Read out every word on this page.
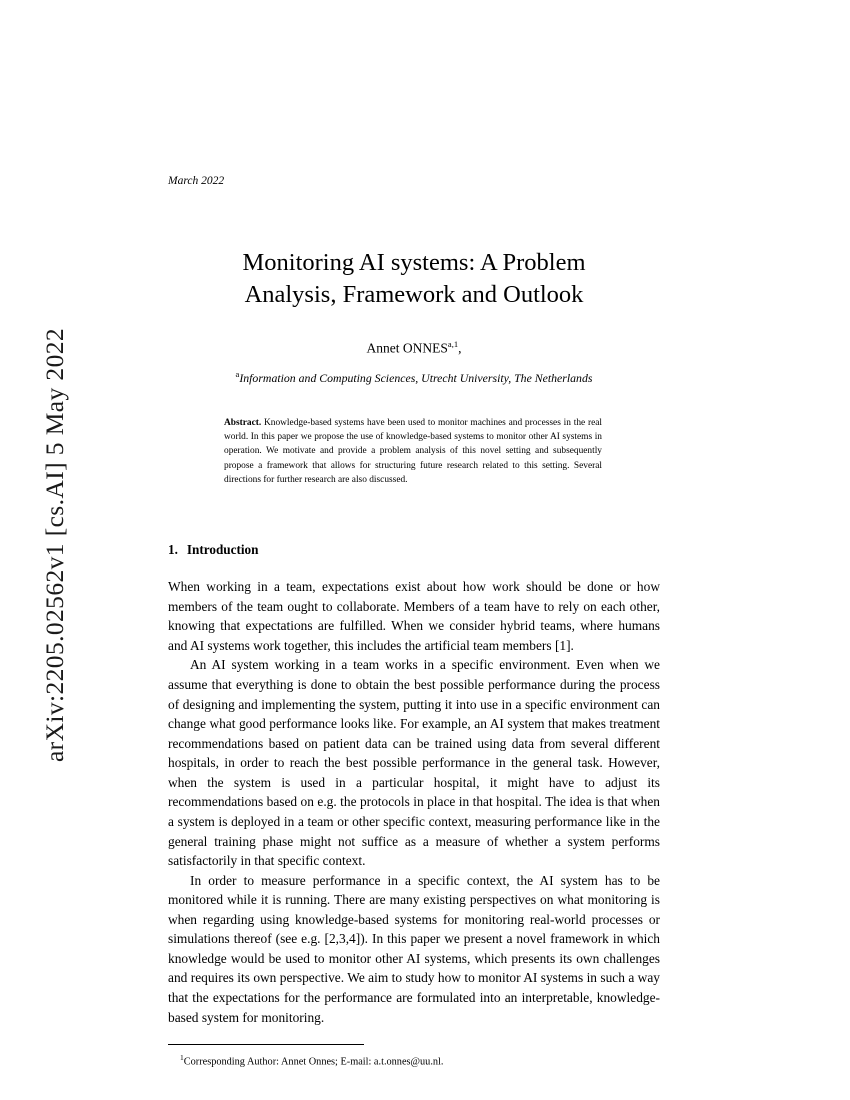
arXiv:2205.02562v1 [cs.AI] 5 May 2022
March 2022
Monitoring AI systems: A Problem
Analysis, Framework and Outlook
Annet ONNES$^{a,1}$,
$^a$Information and Computing Sciences, Utrecht University, The Netherlands
Abstract. Knowledge-based systems have been used to monitor machines and processes in the real world. In this paper we propose the use of knowledge-based systems to monitor other AI systems in operation. We motivate and provide a problem analysis of this novel setting and subsequently propose a framework that allows for structuring future research related to this setting. Several directions for further research are also discussed.
1. Introduction

When working in a team, expectations exist about how work should be done or how members of the team ought to collaborate. Members of a team have to rely on each other, knowing that expectations are fulfilled. When we consider hybrid teams, where humans and AI systems work together, this includes the artificial team members [1].

An AI system working in a team works in a specific environment. Even when we assume that everything is done to obtain the best possible performance during the process of designing and implementing the system, putting it into use in a specific environment can change what good performance looks like. For example, an AI system that makes treatment recommendations based on patient data can be trained using data from several different hospitals, in order to reach the best possible performance in the general task. However, when the system is used in a particular hospital, it might have to adjust its recommendations based on e.g. the protocols in place in that hospital. The idea is that when a system is deployed in a team or other specific context, measuring performance like in the general training phase might not suffice as a measure of whether a system performs satisfactorily in that specific context.

In order to measure performance in a specific context, the AI system has to be monitored while it is running. There are many existing perspectives on what monitoring is when regarding using knowledge-based systems for monitoring real-world processes or simulations thereof (see e.g. [2,3,4]). In this paper we present a novel framework in which knowledge would be used to monitor other AI systems, which presents its own challenges and requires its own perspective. We aim to study how to monitor AI systems in such a way that the expectations for the performance are formulated into an interpretable, knowledge-based system for monitoring.

$^1$Corresponding Author: Annet Onnes; E-mail: a.t.onnes@uu.nl.
